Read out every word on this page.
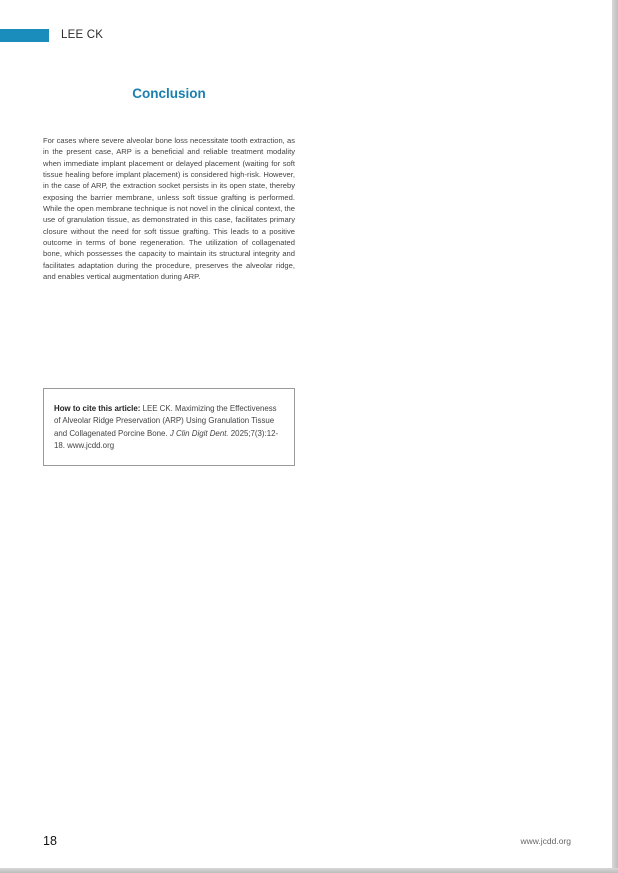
LEE CK
Conclusion

For cases where severe alveolar bone loss necessitate tooth extraction, as in the present case, ARP is a beneficial and reliable treatment modality when immediate implant placement or delayed placement (waiting for soft tissue healing before implant placement) is considered high-risk. However, in the case of ARP, the extraction socket persists in its open state, thereby exposing the barrier membrane, unless soft tissue grafting is performed. While the open membrane technique is not novel in the clinical context, the use of granulation tissue, as demonstrated in this case, facilitates primary closure without the need for soft tissue grafting. This leads to a positive outcome in terms of bone regeneration. The utilization of collagenated bone, which possesses the capacity to maintain its structural integrity and facilitates adaptation during the procedure, preserves the alveolar ridge, and enables vertical augmentation during ARP.

How to cite this article: LEE CK. Maximizing the Effectiveness of Alveolar Ridge Preservation (ARP) Using Granulation Tissue and Collagenated Porcine Bone. J Clin Digit Dent. 2025;7(3):12-18. www.jcdd.org

18	www.jcdd.org
